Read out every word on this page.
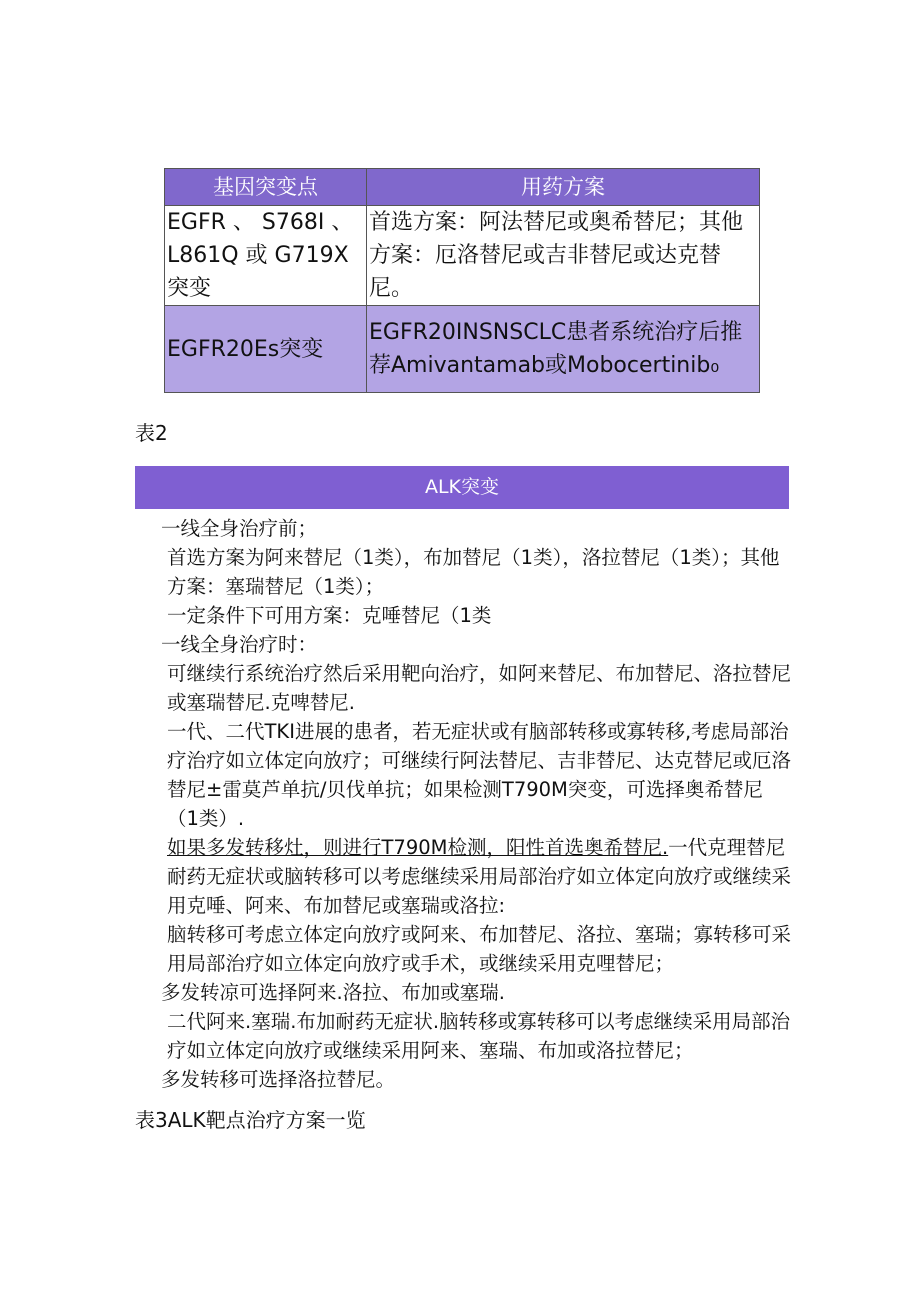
基因突变点	用药方案
EGFR 、 S768I 、L861Q 或 G719X突变	首选方案：阿法替尼或奥希替尼；其他方案：厄洛替尼或吉非替尼或达克替尼。
EGFR20Es突变	EGFR20INSNSCLC患者系统治疗后推荐Amivantamab或Mobocertinib₀
表2
ALK突变

一线全身治疗前；

首选方案为阿来替尼（1类），布加替尼（1类），洛拉替尼（1类）；其他方案：塞瑞替尼（1类）；

一定条件下可用方案：克唾替尼（1类

一线全身治疗时：

可继续行系统治疗然后采用靶向治疗，如阿来替尼、布加替尼、洛拉替尼或塞瑞替尼.克啤替尼.

一代、二代TKI进展的患者，若无症状或有脑部转移或寡转移,考虑局部治疗治疗如立体定向放疗；可继续行阿法替尼、吉非替尼、达克替尼或厄洛替尼±雷莫芦单抗/贝伐单抗；如果检测T790M突变，可选择奥希替尼（1类）.

如果多发转移灶，则进行T790M检测，阳性首选奥希替尼.一代克理替尼耐药无症状或脑转移可以考虑继续采用局部治疗如立体定向放疗或继续采用克唾、阿来、布加替尼或塞瑞或洛拉:

脑转移可考虑立体定向放疗或阿来、布加替尼、洛拉、塞瑞；寡转移可采用局部治疗如立体定向放疗或手术，或继续采用克哩替尼；

多发转凉可选择阿来.洛拉、布加或塞瑞.

二代阿来.塞瑞.布加耐药无症状.脑转移或寡转移可以考虑继续采用局部治疗如立体定向放疗或继续采用阿来、塞瑞、布加或洛拉替尼；

多发转移可选择洛拉替尼。

表3ALK靶点治疗方案一览
